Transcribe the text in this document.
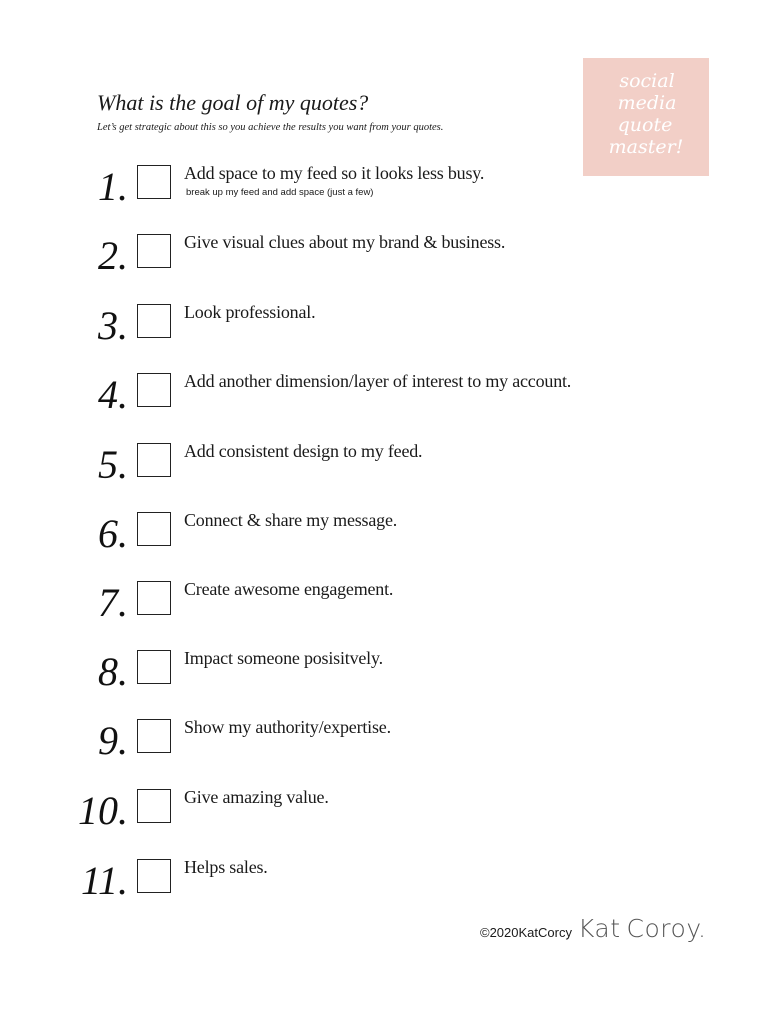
What is the goal of my quotes?
Let’s get strategic about this so you achieve the results you want from your quotes.
social
media
quote
master!
1.	Add space to my feed so it looks less busy.
break up my feed and add space (just a few)
2.	Give visual clues about my brand & business.
3.	Look professional.
4.	Add another dimension/layer of interest to my account.
5.	Add consistent design to my feed.
6.	Connect & share my message.
7.	Create awesome engagement.
8.	Impact someone posisitvely.
9.	Show my authority/expertise.
10.	Give amazing value.
11.	Helps sales.
©2020KatCorcy Kat Coroy.
